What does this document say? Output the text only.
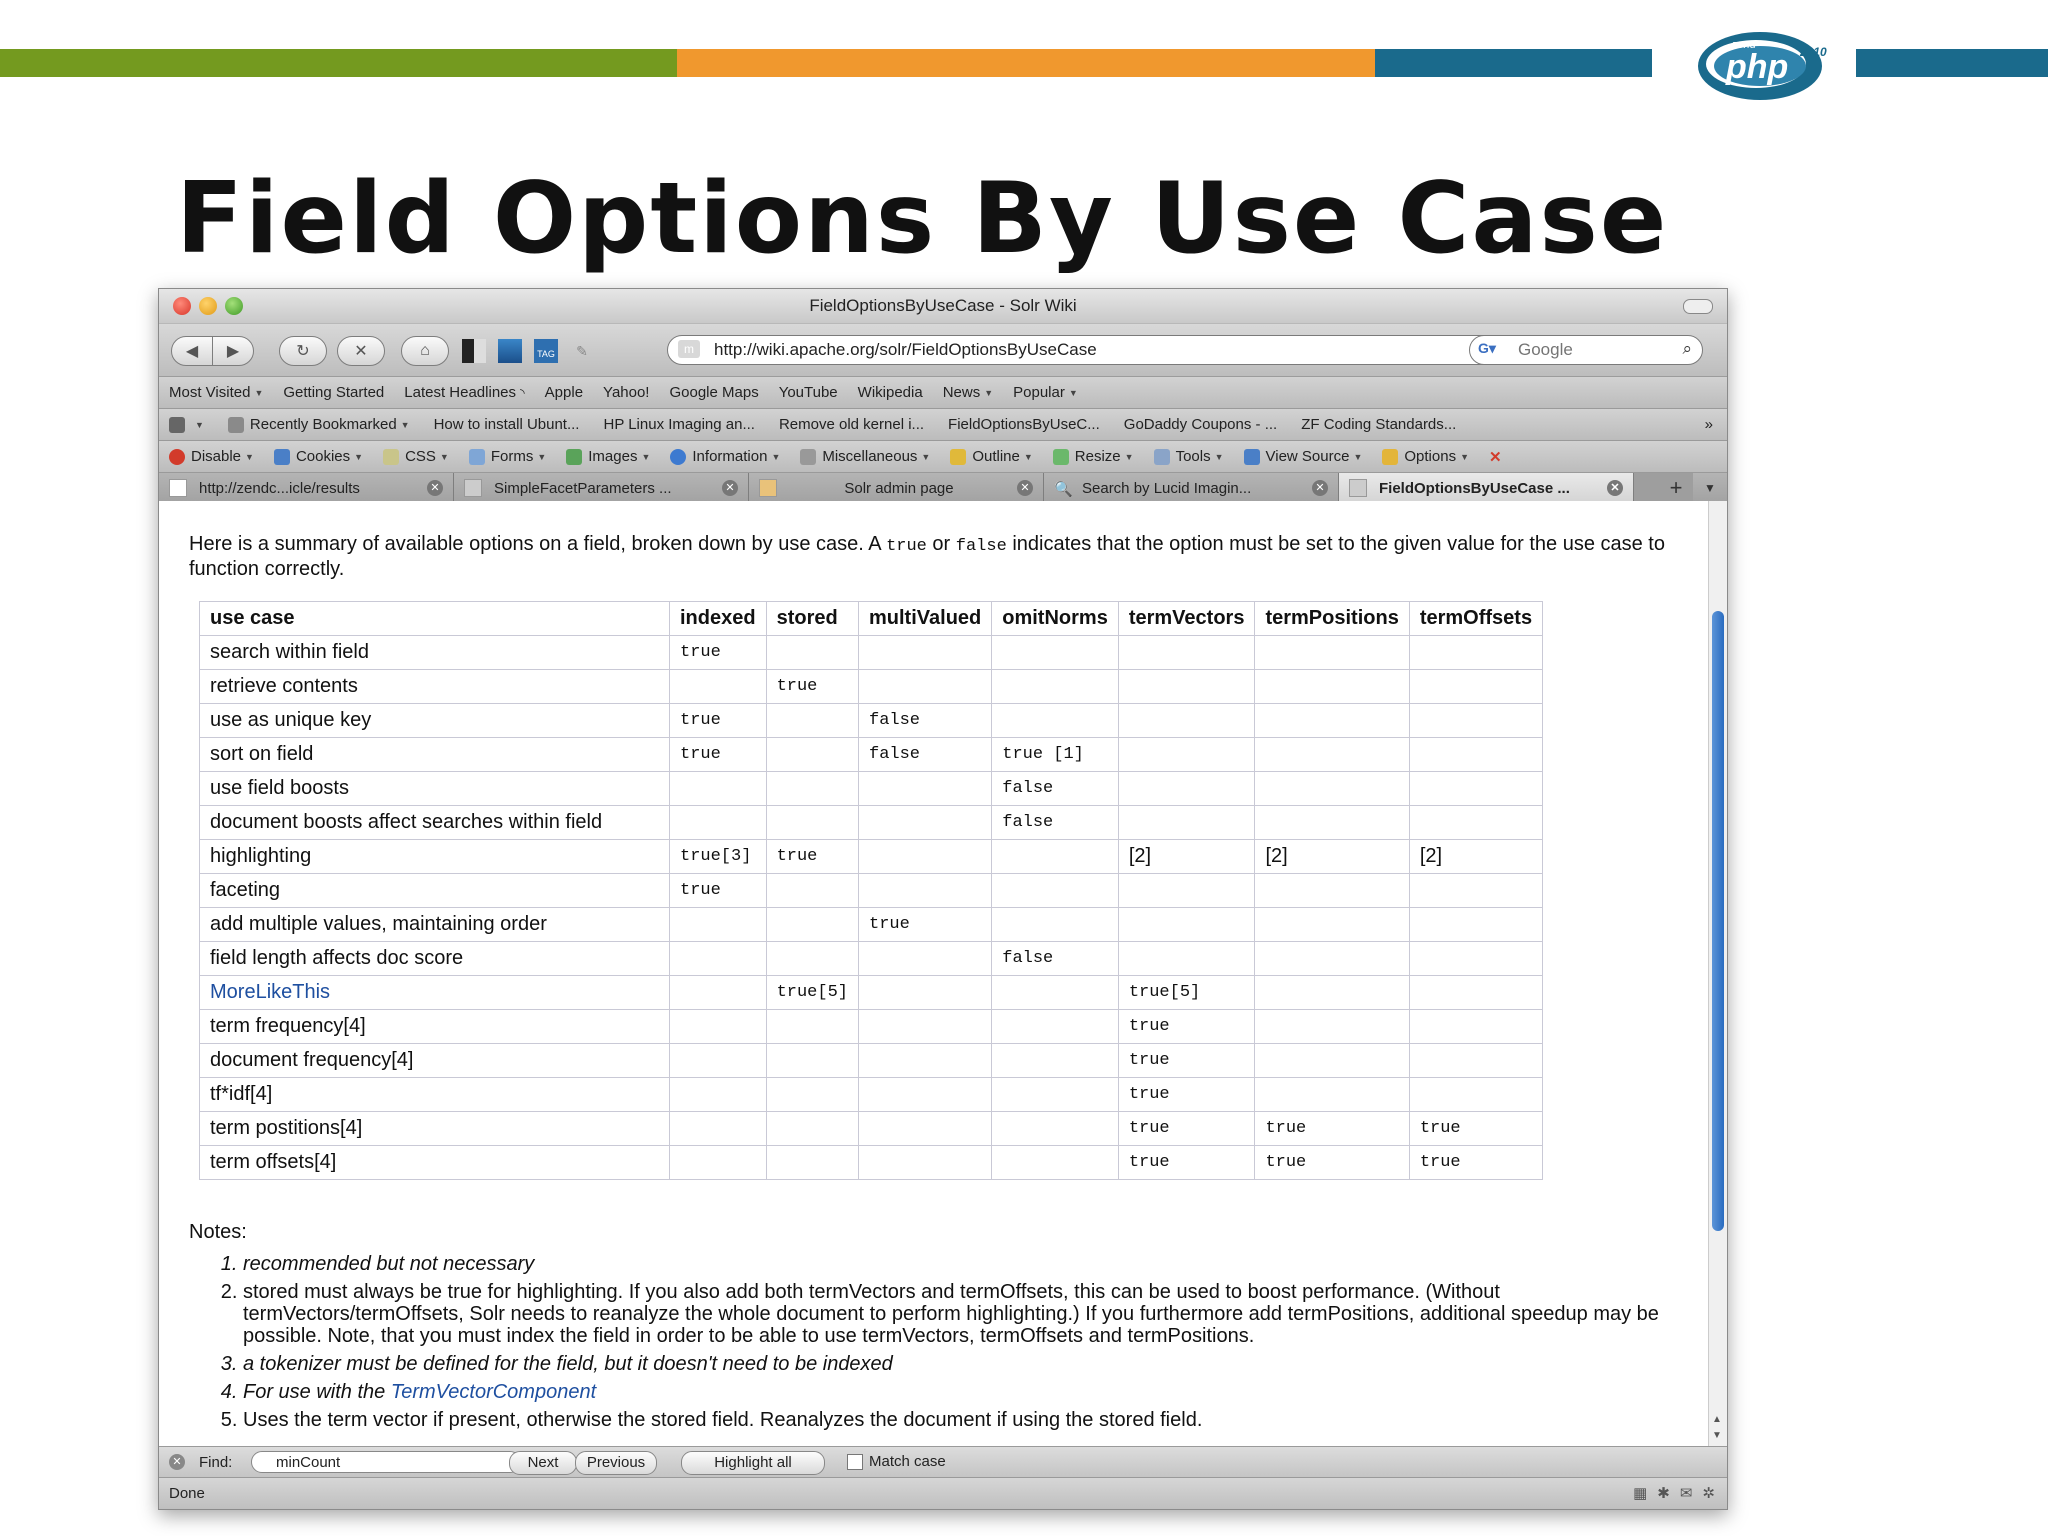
zend
php 2010
Field Options By Use Case
FieldOptionsByUseCase - Solr Wiki
◀ ▶	↻	✕	⌂	TAG ✎	m	http://wiki.apache.org/solr/FieldOptionsByUseCase	G▾
Google	⌕
Most Visited ▼ Getting Started Latest Headlines ◝ Apple Yahoo! Google Maps YouTube Wikipedia News ▼ Popular ▼
▼	Recently Bookmarked ▼ How to install Ubunt... HP Linux Imaging an... Remove old kernel i... FieldOptionsByUseC... GoDaddy Coupons - ... ZF Coding Standards...	»
Disable ▼	Cookies ▼	CSS ▼	Forms ▼	Images ▼	Information ▼	Miscellaneous ▼	Outline ▼	Resize ▼	Tools ▼	View Source ▼	Options ▼ ✕
http://zendc...icle/results	✕	SimpleFacetParameters ...	✕	Solr admin page	✕ 🔍 Search by Lucid Imagin...	✕	FieldOptionsByUseCase ...	✕ + ▼
Here is a summary of available options on a field, broken down by use case. A true or false indicates that the option must be set to the given value for the use case to function correctly.
use case	indexed	stored	multiValued	omitNorms	termVectors	termPositions	termOffsets
search within field	true						
retrieve contents		true					
use as unique key	true		false				
sort on field	true		false	true [1]			
use field boosts				false			
document boosts affect searches within field				false			
highlighting	true[3]	true			[2]	[2]	[2]
faceting	true						
add multiple values, maintaining order			true				
field length affects doc score				false			
MoreLikeThis		true[5]			true[5]		
term frequency[4]					true		
document frequency[4]					true		
tf*idf[4]					true		
term postitions[4]					true	true	true
term offsets[4]					true	true	true
Notes:
1. recommended but not necessary
2. stored must always be true for highlighting. If you also add both termVectors and termOffsets, this can be used to boost performance. (Without termVectors/termOffsets, Solr needs to reanalyze the whole document to perform highlighting.) If you furthermore add termPositions, additional speedup may be possible. Note, that you must index the field in order to be able to use termVectors, termOffsets and termPositions.
3. a tokenizer must be defined for the field, but it doesn't need to be indexed
4. For use with the TermVectorComponent
5. Uses the term vector if present, otherwise the stored field. Reanalyzes the document if using the stored field.	▲
▼
✕ Find:
minCount	Next	Previous	Highlight all	Match case
Done	▦ ✱ ✉ ✲
